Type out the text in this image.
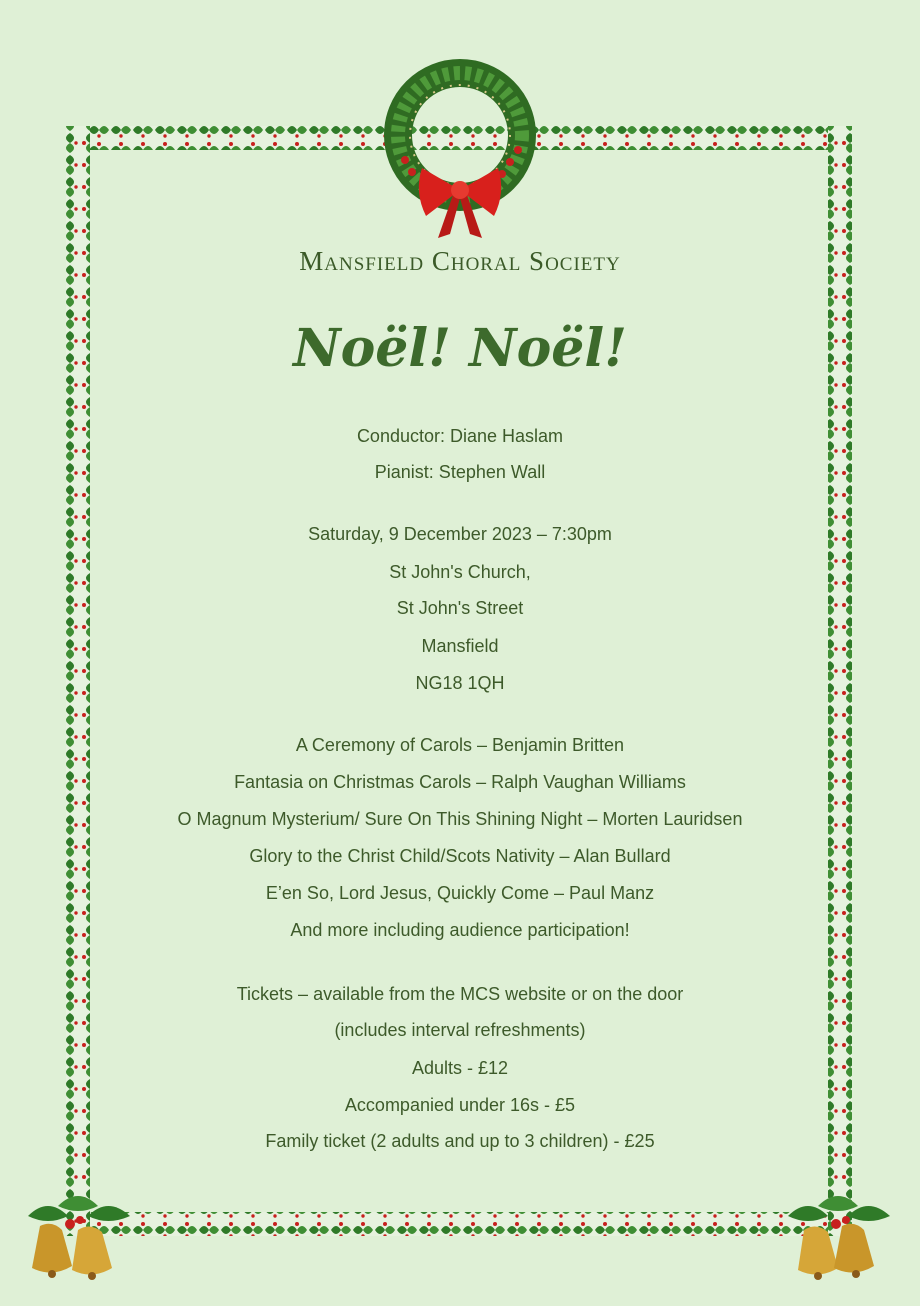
Mansfield Choral Society
Noël! Noël!
Conductor: Diane Haslam
Pianist: Stephen Wall
Saturday, 9 December 2023 – 7:30pm
St John's Church,
St John's Street
Mansfield
NG18 1QH
A Ceremony of Carols – Benjamin Britten
Fantasia on Christmas Carols – Ralph Vaughan Williams
O Magnum Mysterium/ Sure On This Shining Night – Morten Lauridsen
Glory to the Christ Child/Scots Nativity – Alan Bullard
E’en So, Lord Jesus, Quickly Come – Paul Manz
And more including audience participation!
Tickets – available from the MCS website or on the door
(includes interval refreshments)
Adults - £12
Accompanied under 16s - £5
Family ticket (2 adults and up to 3 children) - £25
